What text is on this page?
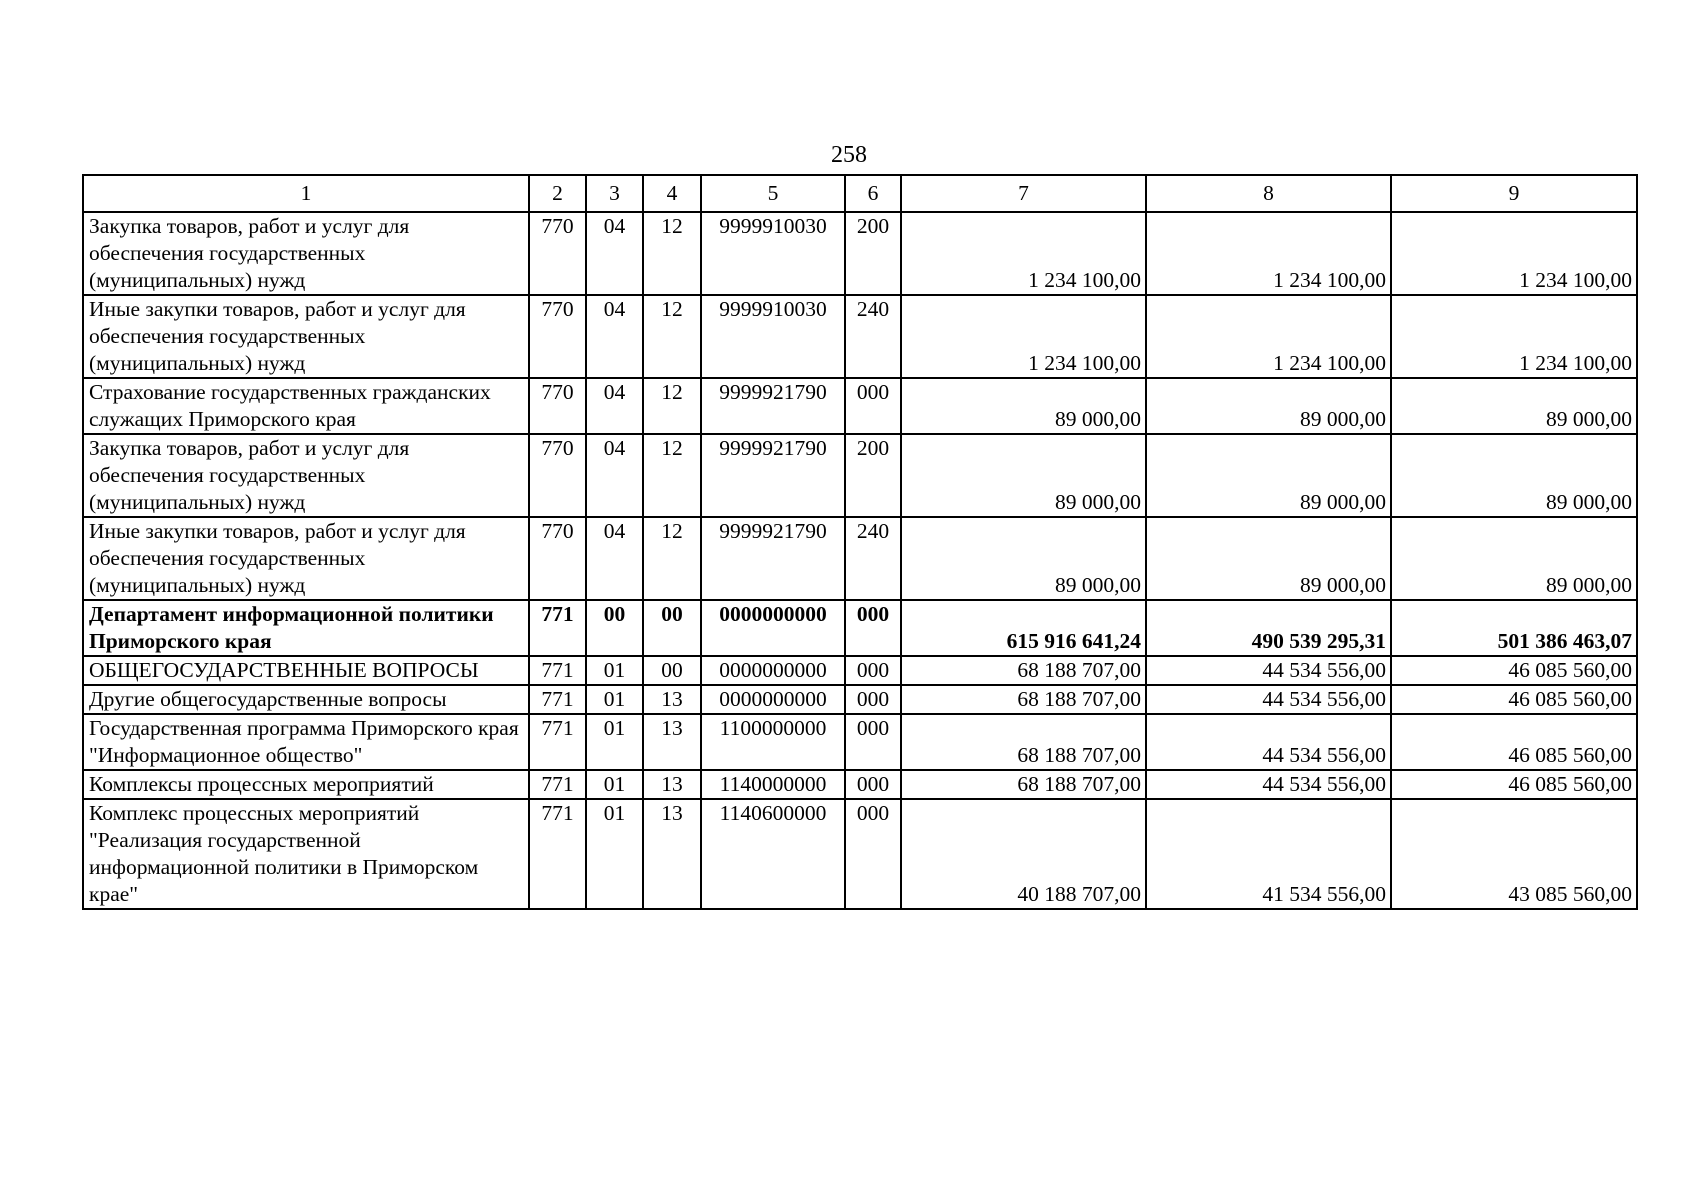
258
1	2	3	4	5	6	7	8	9
Закупка товаров, работ и услуг для обеспечения государственных (муниципальных) нужд	770	04	12	9999910030	200	1 234 100,00	1 234 100,00	1 234 100,00
Иные закупки товаров, работ и услуг для обеспечения государственных (муниципальных) нужд	770	04	12	9999910030	240	1 234 100,00	1 234 100,00	1 234 100,00
Страхование государственных гражданских служащих Приморского края	770	04	12	9999921790	000	89 000,00	89 000,00	89 000,00
Закупка товаров, работ и услуг для обеспечения государственных (муниципальных) нужд	770	04	12	9999921790	200	89 000,00	89 000,00	89 000,00
Иные закупки товаров, работ и услуг для обеспечения государственных (муниципальных) нужд	770	04	12	9999921790	240	89 000,00	89 000,00	89 000,00
Департамент информационной политики Приморского края	771	00	00	0000000000	000	615 916 641,24	490 539 295,31	501 386 463,07
ОБЩЕГОСУДАРСТВЕННЫЕ ВОПРОСЫ	771	01	00	0000000000	000	68 188 707,00	44 534 556,00	46 085 560,00
Другие общегосударственные вопросы	771	01	13	0000000000	000	68 188 707,00	44 534 556,00	46 085 560,00
Государственная программа Приморского края "Информационное общество"	771	01	13	1100000000	000	68 188 707,00	44 534 556,00	46 085 560,00
Комплексы процессных мероприятий	771	01	13	1140000000	000	68 188 707,00	44 534 556,00	46 085 560,00
Комплекс процессных мероприятий "Реализация государственной информационной политики в Приморском крае"	771	01	13	1140600000	000	40 188 707,00	41 534 556,00	43 085 560,00
